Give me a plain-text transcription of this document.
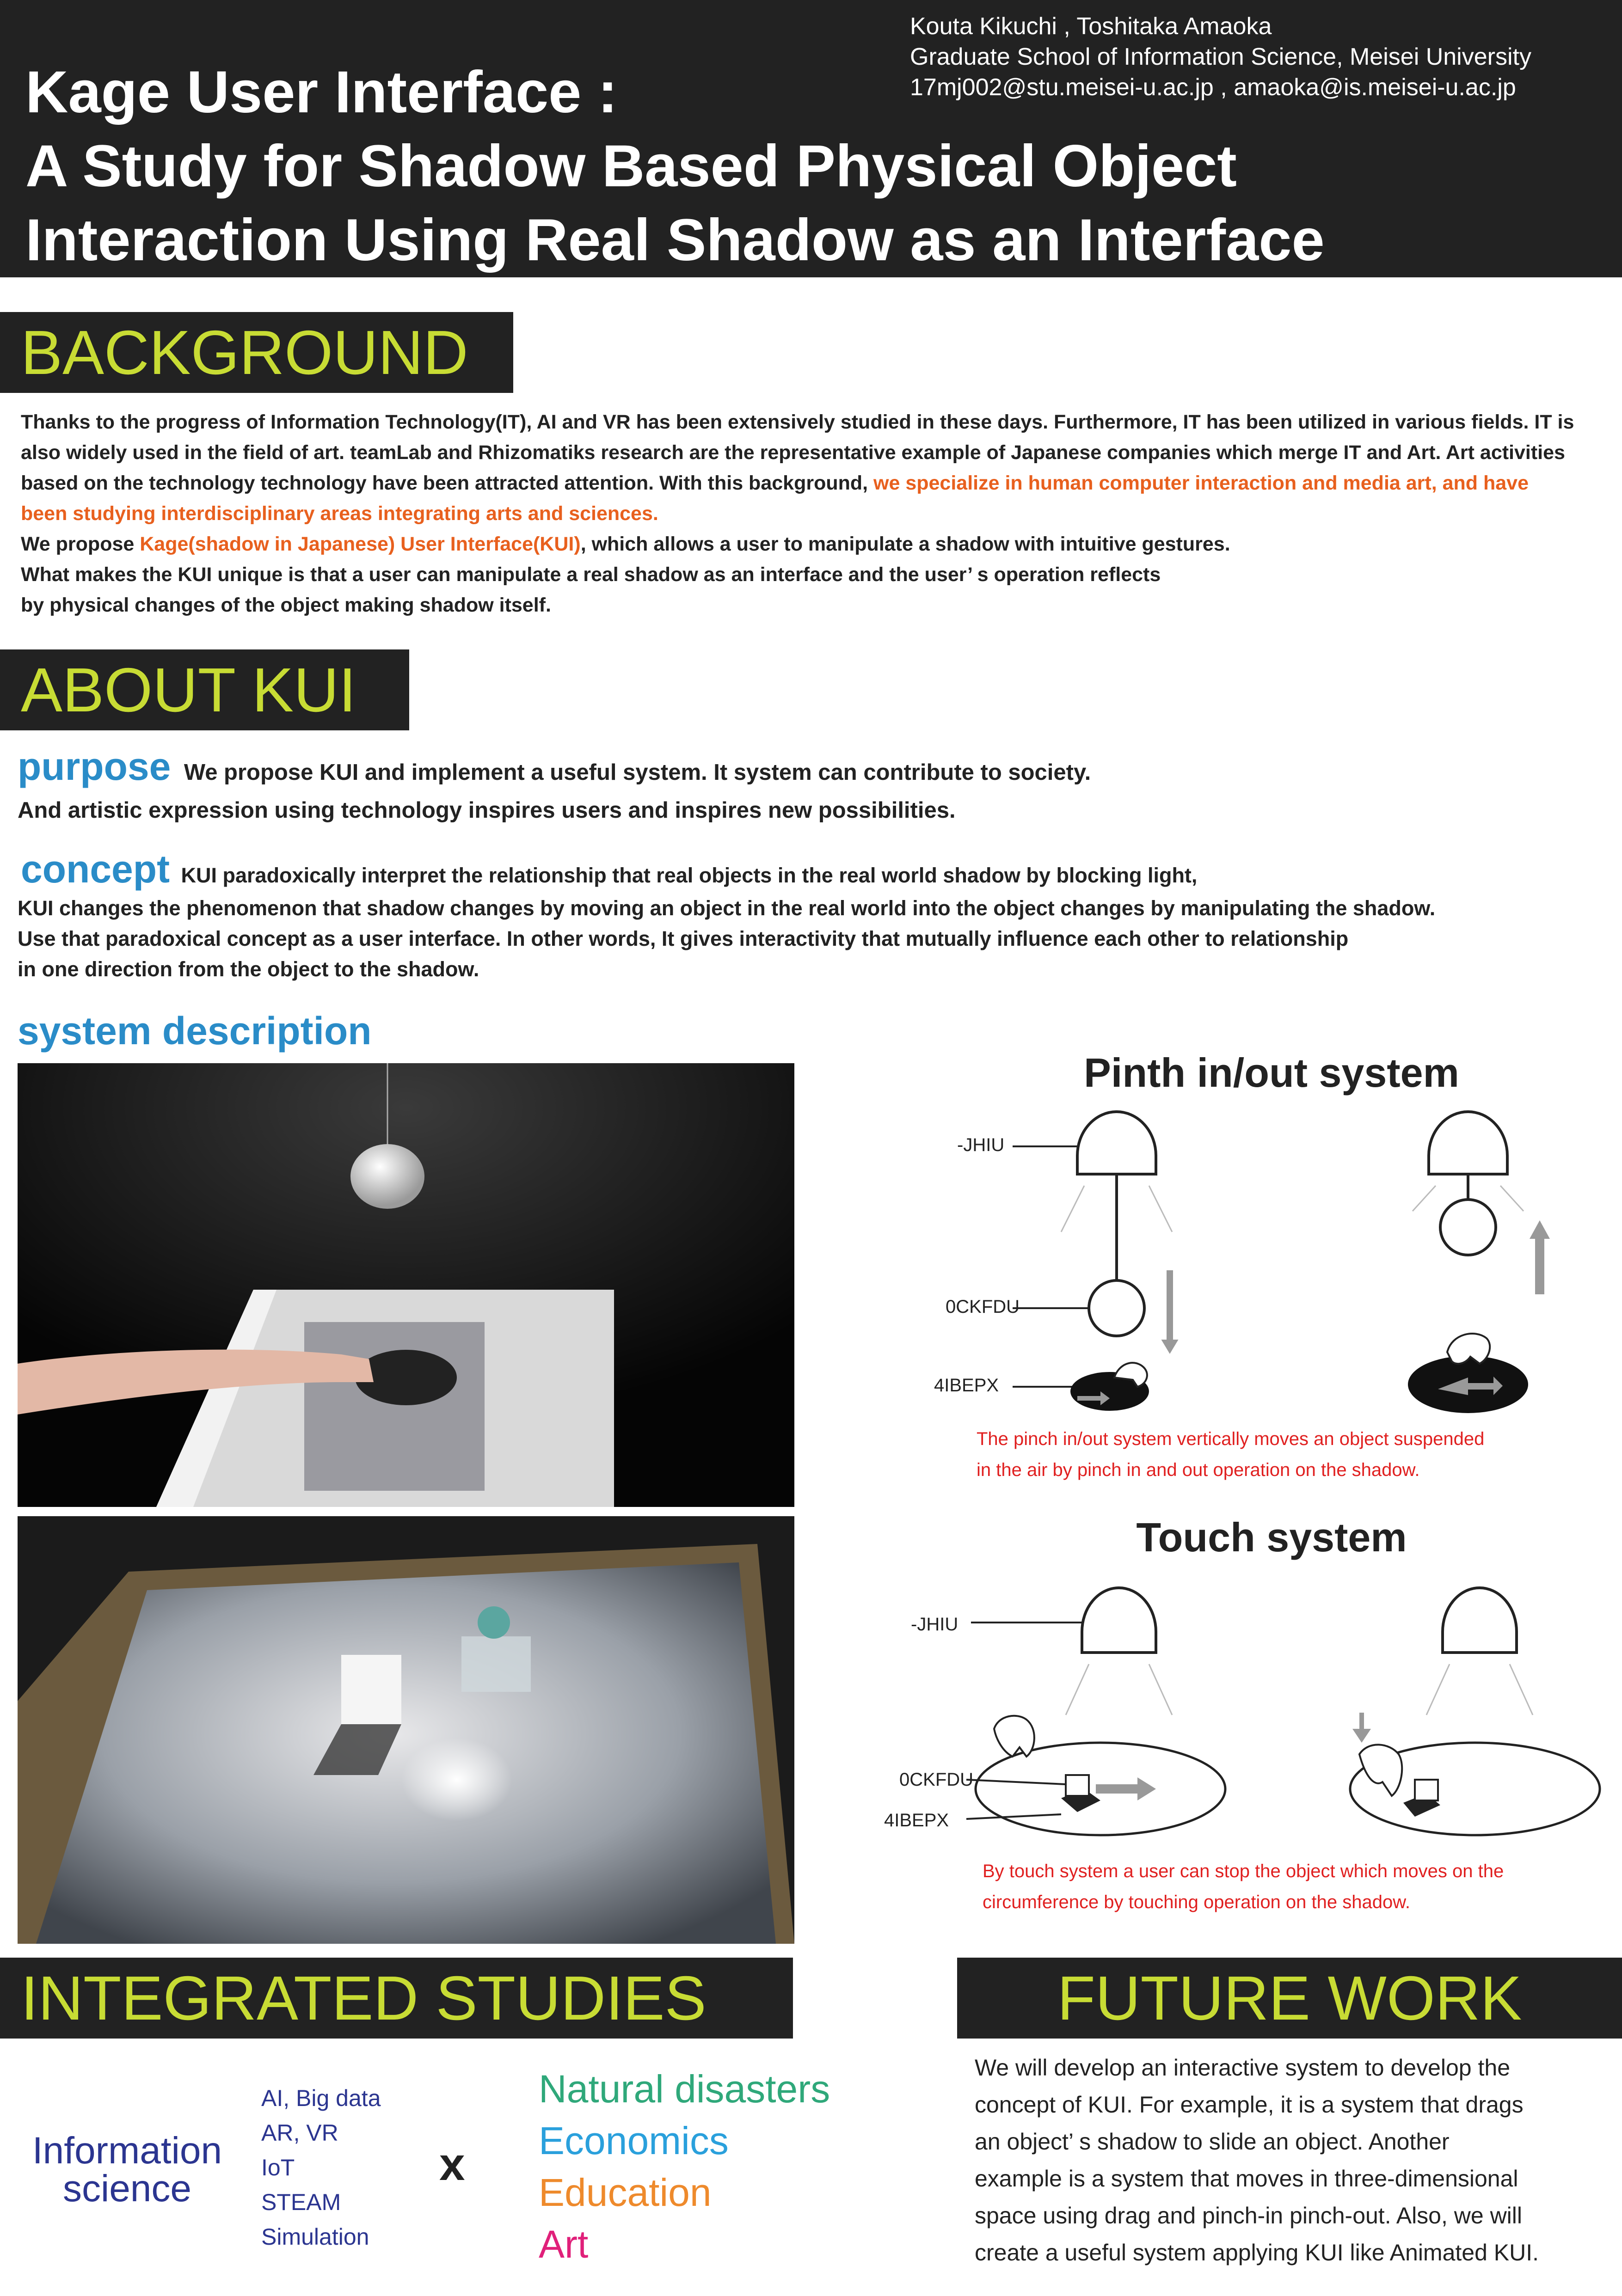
Kage User Interface :
A Study for Shadow Based Physical Object
Interaction Using Real Shadow as an Interface
Kouta Kikuchi , Toshitaka Amaoka
Graduate School of Information Science, Meisei University
17mj002@stu.meisei-u.ac.jp , amaoka@is.meisei-u.ac.jp
BACKGROUND
Thanks to the progress of Information Technology(IT), AI and VR has been extensively studied in these days. Furthermore, IT has been utilized in various fields. IT is also widely used in the field of art. teamLab and Rhizomatiks research are the representative example of Japanese companies which merge IT and Art. Art activities based on the technology technology have been attracted attention. With this background, we specialize in human computer interaction and media art, and have been studying interdisciplinary areas integrating arts and sciences.
We propose Kage(shadow in Japanese) User Interface(KUI), which allows a user to manipulate a shadow with intuitive gestures.
What makes the KUI unique is that a user can manipulate a real shadow as an interface and the user’ s operation reflects
by physical changes of the object making shadow itself.
ABOUT KUI
purpose We propose KUI and implement a useful system. It system can contribute to society.
And artistic expression using technology inspires users and inspires new possibilities.
concept KUI paradoxically interpret the relationship that real objects in the real world shadow by blocking light,
KUI changes the phenomenon that shadow changes by moving an object in the real world into the object changes by manipulating the shadow.
Use that paradoxical concept as a user interface. In other words, It gives interactivity that mutually influence each other to relationship
in one direction from the object to the shadow.
system description
Pinth in/out system
-JHIU
0CKFDU
4IBEPX
The pinch in/out system vertically moves an object suspended
in the air by pinch in and out operation on the shadow.
Touch system
-JHIU
0CKFDU
4IBEPX
By touch system a user can stop the object which moves on the
circumference by touching operation on the shadow.
INTEGRATED STUDIES
Information
science
AI, Big data
AR, VR
IoT
STEAM
Simulation
x
Natural disasters
Economics
Education
Art
FUTURE WORK
We will develop an interactive system to develop the
concept of KUI. For example, it is a system that drags
an object’ s shadow to slide an object. Another
example is a system that moves in three-dimensional
space using drag and pinch-in pinch-out. Also, we will
create a useful system applying KUI like Animated KUI.
